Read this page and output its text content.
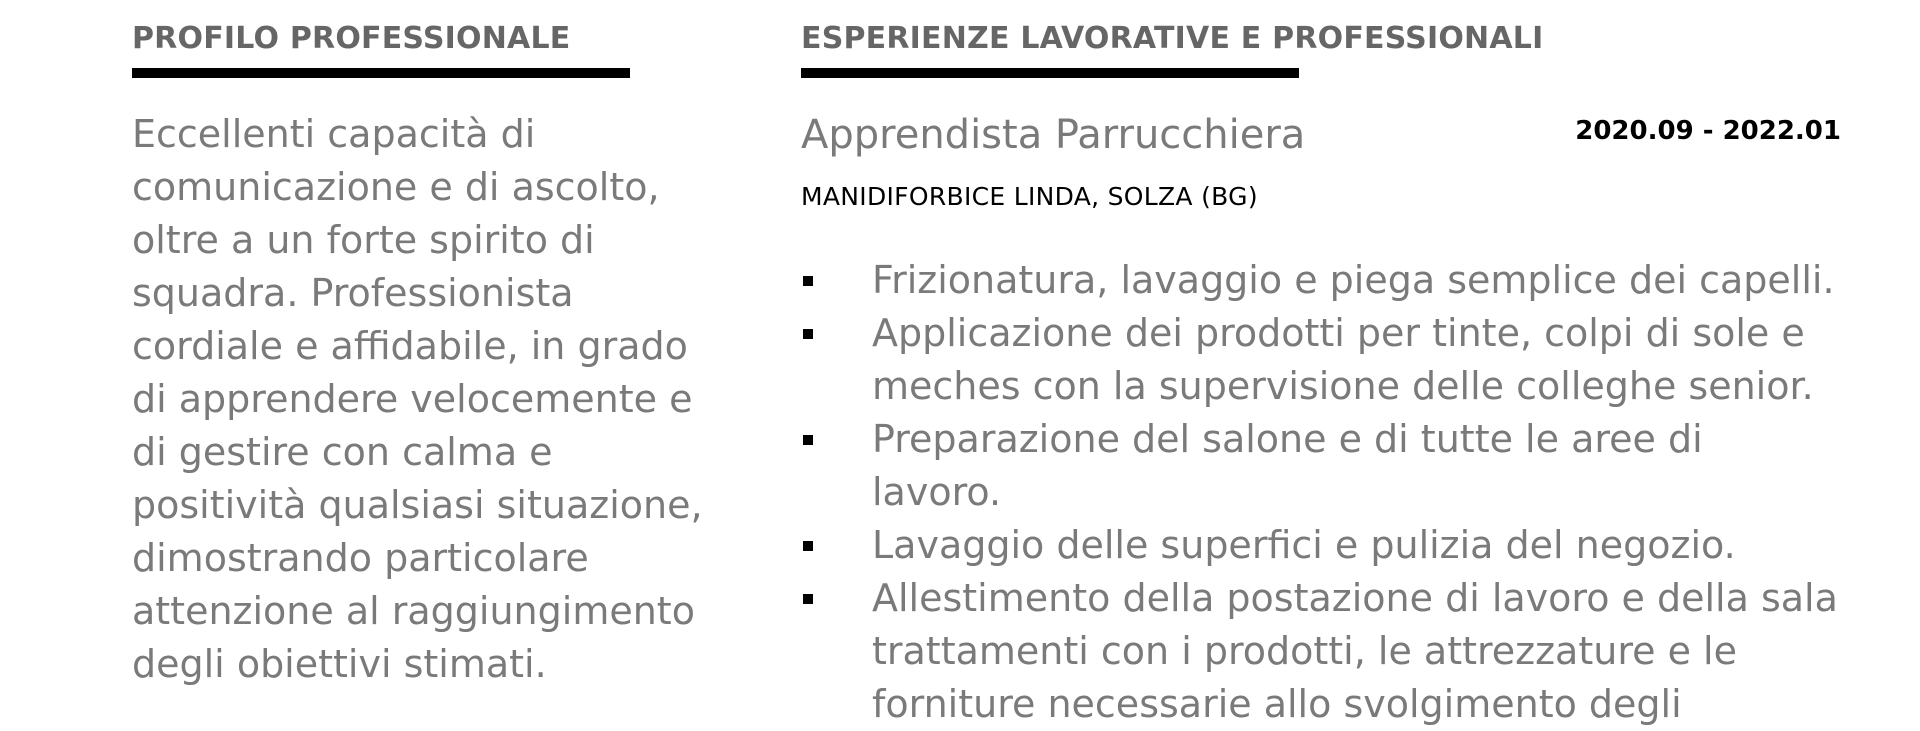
PROFILO PROFESSIONALE

Eccellenti capacità di comunicazione e di ascolto, oltre a un forte spirito di squadra. Professionista cordiale e affidabile, in grado di apprendere velocemente e di gestire con calma e positività qualsiasi situazione, dimostrando particolare attenzione al raggiungimento degli obiettivi stimati.

ESPERIENZE LAVORATIVE E PROFESSIONALI
Apprendista Parrucchiera	2020.09 - 2022.01
MANIDIFORBICE LINDA, SOLZA (BG)
Frizionatura, lavaggio e piega semplice dei capelli.
Applicazione dei prodotti per tinte, colpi di sole e meches con la supervisione delle colleghe senior.
Preparazione del salone e di tutte le aree di lavoro.
Lavaggio delle superfici e pulizia del negozio.
Allestimento della postazione di lavoro e della sala trattamenti con i prodotti, le attrezzature e le forniture necessarie allo svolgimento degli
